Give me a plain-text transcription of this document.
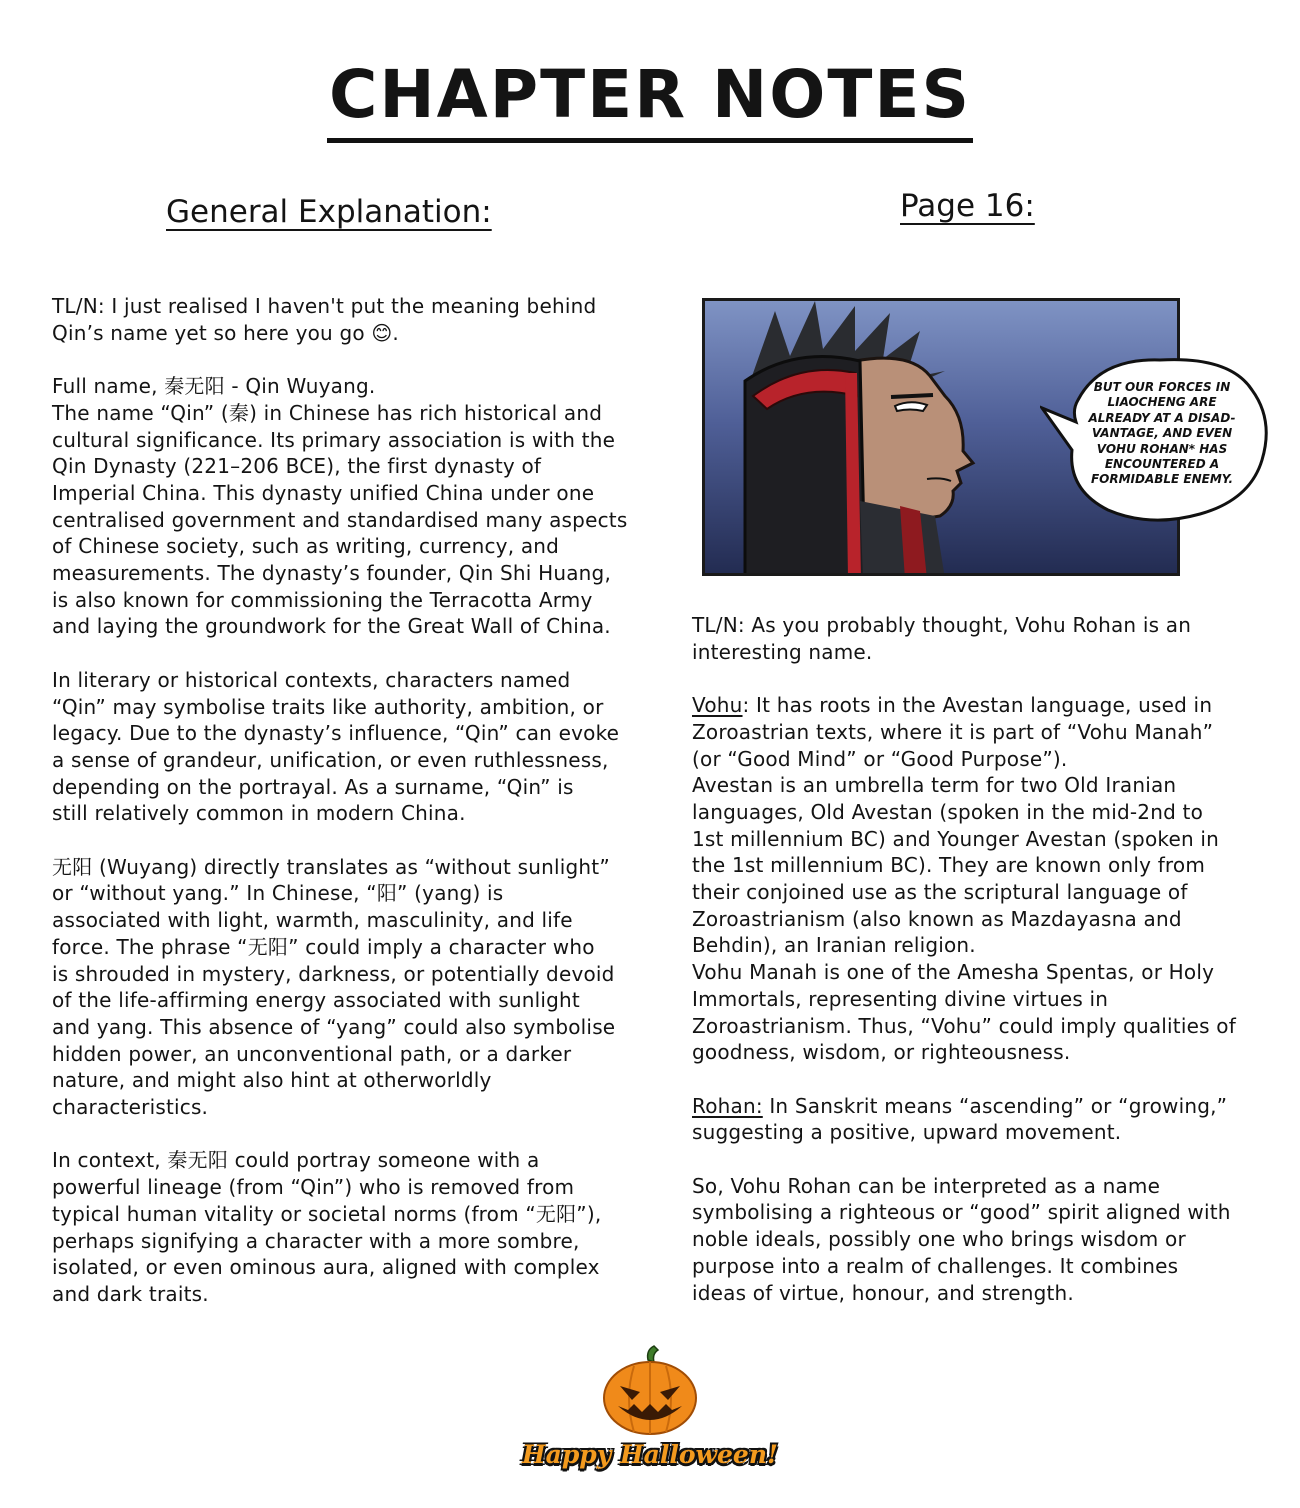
CHAPTER NOTES
General Explanation:	Page 16:

TL/N: I just realised I haven't put the meaning behind
Qin’s name yet so here you go 😊.

Full name, 秦无阳 - Qin Wuyang.
The name “Qin” (秦) in Chinese has rich historical and
cultural significance. Its primary association is with the
Qin Dynasty (221–206 BCE), the first dynasty of
Imperial China. This dynasty unified China under one
centralised government and standardised many aspects
of Chinese society, such as writing, currency, and
measurements. The dynasty’s founder, Qin Shi Huang,
is also known for commissioning the Terracotta Army
and laying the groundwork for the Great Wall of China.

In literary or historical contexts, characters named
“Qin” may symbolise traits like authority, ambition, or
legacy. Due to the dynasty’s influence, “Qin” can evoke
a sense of grandeur, unification, or even ruthlessness,
depending on the portrayal. As a surname, “Qin” is
still relatively common in modern China.

无阳 (Wuyang) directly translates as “without sunlight”
or “without yang.” In Chinese, “阳” (yang) is
associated with light, warmth, masculinity, and life
force. The phrase “无阳” could imply a character who
is shrouded in mystery, darkness, or potentially devoid
of the life-affirming energy associated with sunlight
and yang. This absence of “yang” could also symbolise
hidden power, an unconventional path, or a darker
nature, and might also hint at otherworldly
characteristics.

In context, 秦无阳 could portray someone with a
powerful lineage (from “Qin”) who is removed from
typical human vitality or societal norms (from “无阳”),
perhaps signifying a character with a more sombre,
isolated, or even ominous aura, aligned with complex
and dark traits.

BUT OUR FORCES IN LIAOCHENG ARE ALREADY AT A DISAD-VANTAGE, AND EVEN VOHU ROHAN* HAS ENCOUNTERED A FORMIDABLE ENEMY.

TL/N: As you probably thought, Vohu Rohan is an
interesting name.

Vohu: It has roots in the Avestan language, used in
Zoroastrian texts, where it is part of “Vohu Manah”
(or “Good Mind” or “Good Purpose”).
Avestan is an umbrella term for two Old Iranian
languages, Old Avestan (spoken in the mid-2nd to
1st millennium BC) and Younger Avestan (spoken in
the 1st millennium BC). They are known only from
their conjoined use as the scriptural language of
Zoroastrianism (also known as Mazdayasna and
Behdin), an Iranian religion.
Vohu Manah is one of the Amesha Spentas, or Holy
Immortals, representing divine virtues in
Zoroastrianism. Thus, “Vohu” could imply qualities of
goodness, wisdom, or righteousness.

Rohan: In Sanskrit means “ascending” or “growing,”
suggesting a positive, upward movement.

So, Vohu Rohan can be interpreted as a name
symbolising a righteous or “good” spirit aligned with
noble ideals, possibly one who brings wisdom or
purpose into a realm of challenges. It combines
ideas of virtue, honour, and strength.

Happy Halloween!
